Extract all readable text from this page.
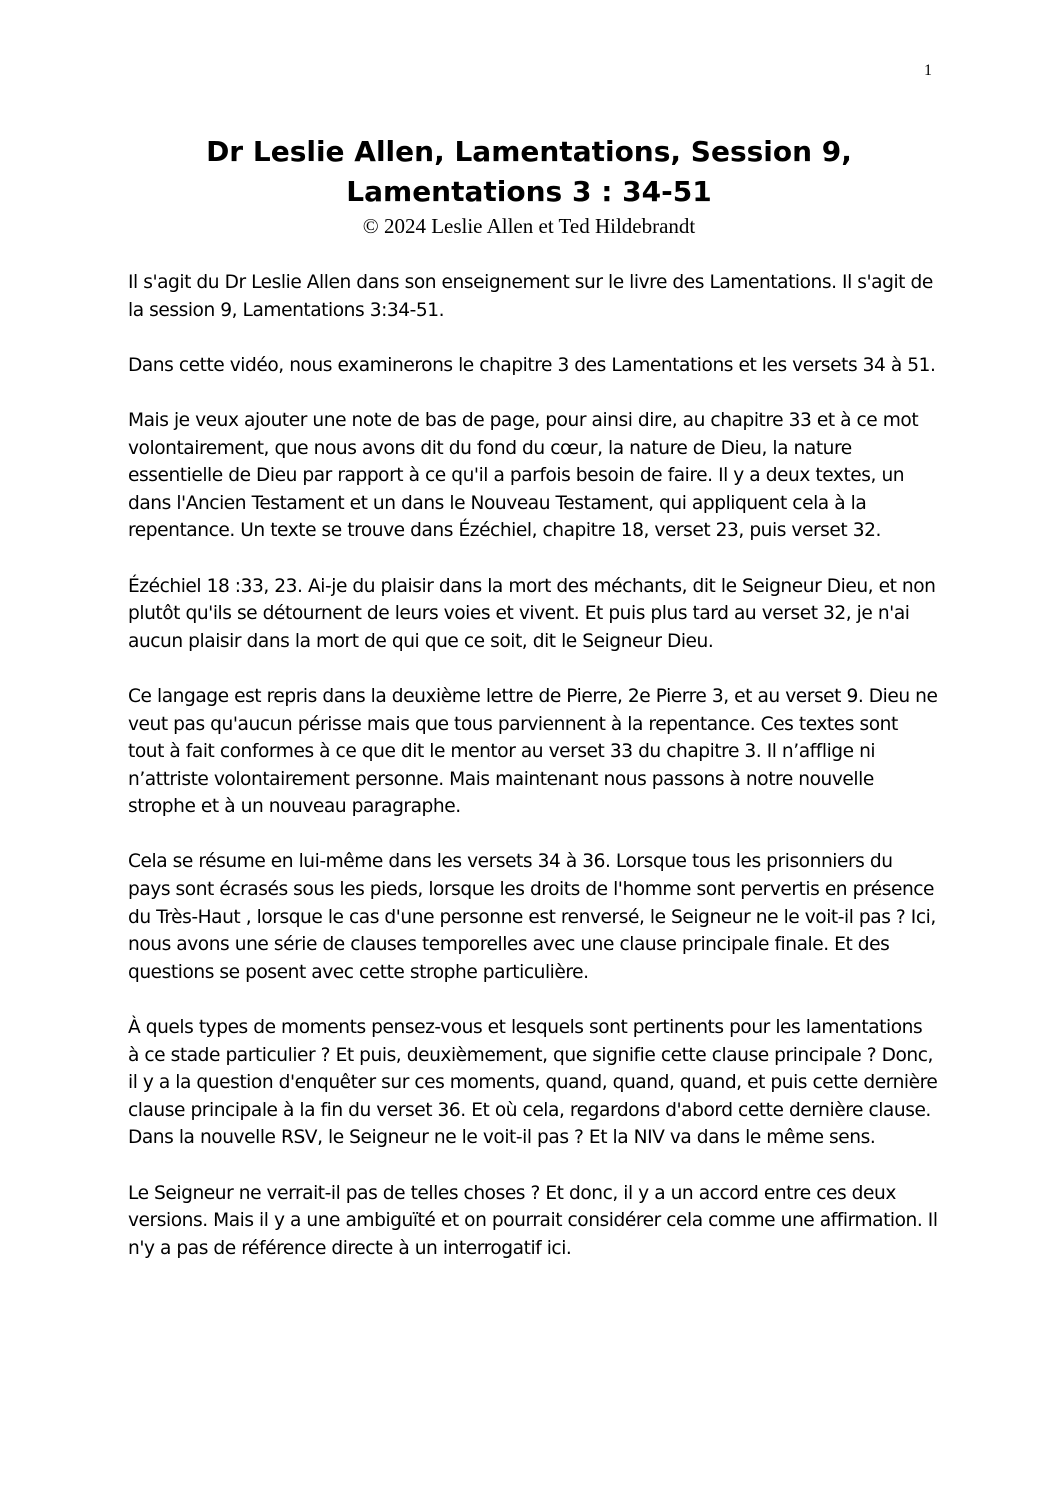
1
Dr Leslie Allen, Lamentations, Session 9,
Lamentations 3 : 34-51
© 2024 Leslie Allen et Ted Hildebrandt

Il s'agit du Dr Leslie Allen dans son enseignement sur le livre des Lamentations. Il s'agit de la session 9, Lamentations 3:34-51.

Dans cette vidéo, nous examinerons le chapitre 3 des Lamentations et les versets 34 à 51.

Mais je veux ajouter une note de bas de page, pour ainsi dire, au chapitre 33 et à ce mot volontairement, que nous avons dit du fond du cœur, la nature de Dieu, la nature essentielle de Dieu par rapport à ce qu'il a parfois besoin de faire. Il y a deux textes, un dans l'Ancien Testament et un dans le Nouveau Testament, qui appliquent cela à la repentance. Un texte se trouve dans Ézéchiel, chapitre 18, verset 23, puis verset 32.

Ézéchiel 18 :33, 23. Ai-je du plaisir dans la mort des méchants, dit le Seigneur Dieu, et non plutôt qu'ils se détournent de leurs voies et vivent. Et puis plus tard au verset 32, je n'ai aucun plaisir dans la mort de qui que ce soit, dit le Seigneur Dieu.

Ce langage est repris dans la deuxième lettre de Pierre, 2e Pierre 3, et au verset 9. Dieu ne veut pas qu'aucun périsse mais que tous parviennent à la repentance. Ces textes sont tout à fait conformes à ce que dit le mentor au verset 33 du chapitre 3. Il n’afflige ni n’attriste volontairement personne. Mais maintenant nous passons à notre nouvelle strophe et à un nouveau paragraphe.

Cela se résume en lui-même dans les versets 34 à 36. Lorsque tous les prisonniers du pays sont écrasés sous les pieds, lorsque les droits de l'homme sont pervertis en présence du Très-Haut , lorsque le cas d'une personne est renversé, le Seigneur ne le voit-il pas ? Ici, nous avons une série de clauses temporelles avec une clause principale finale. Et des questions se posent avec cette strophe particulière.

À quels types de moments pensez-vous et lesquels sont pertinents pour les lamentations à ce stade particulier ? Et puis, deuxièmement, que signifie cette clause principale ? Donc, il y a la question d'enquêter sur ces moments, quand, quand, quand, et puis cette dernière clause principale à la fin du verset 36. Et où cela, regardons d'abord cette dernière clause. Dans la nouvelle RSV, le Seigneur ne le voit-il pas ? Et la NIV va dans le même sens.

Le Seigneur ne verrait-il pas de telles choses ? Et donc, il y a un accord entre ces deux versions. Mais il y a une ambiguïté et on pourrait considérer cela comme une affirmation. Il n'y a pas de référence directe à un interrogatif ici.
